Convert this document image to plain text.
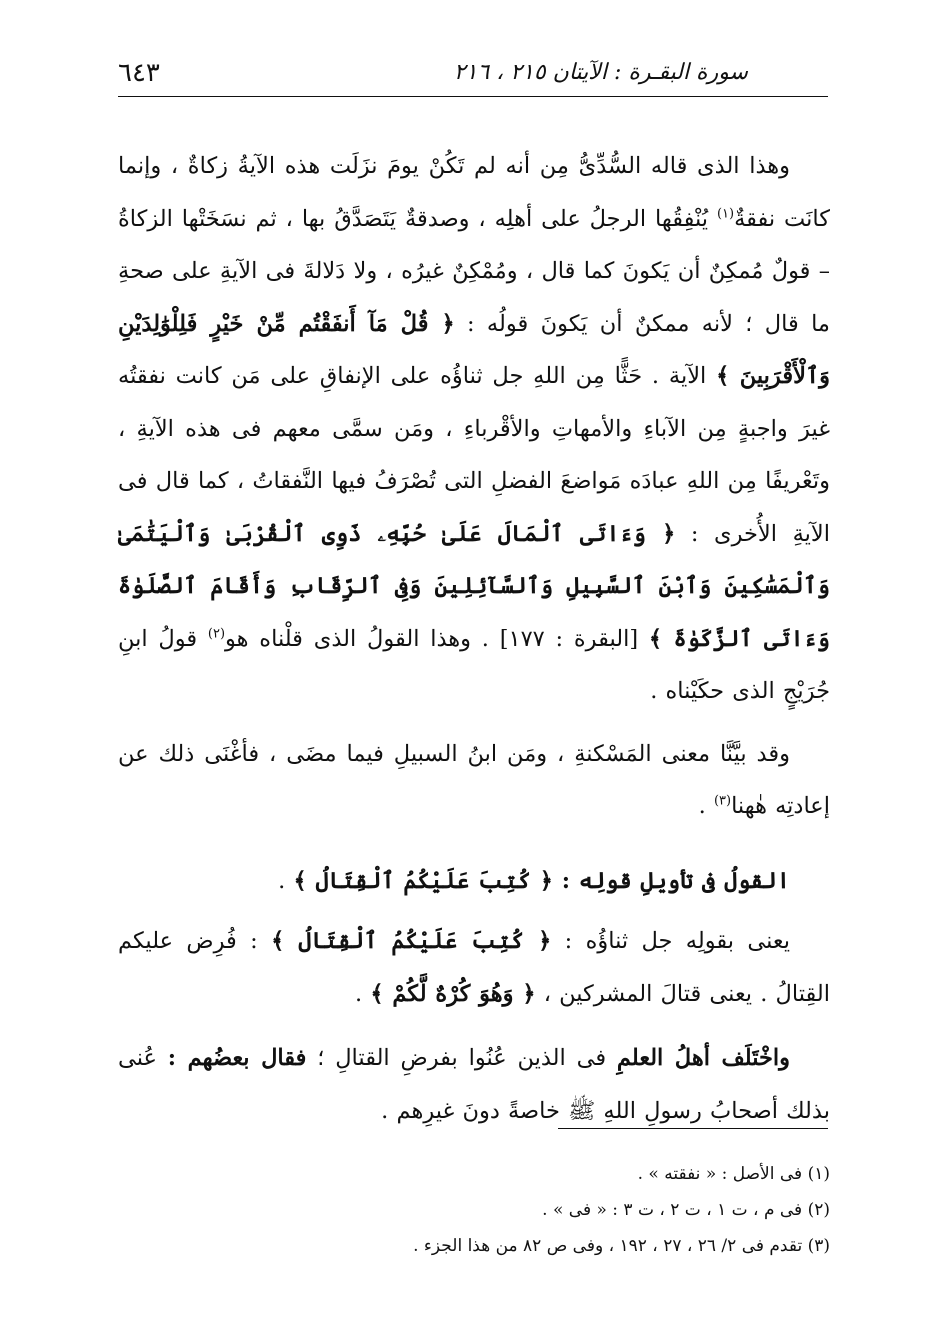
٦٤٣	سورة البقـرة : الآيتان ٢١٥ ، ٢١٦

وهذا الذى قاله السُّدِّىُّ مِن أنه لم تَكُنْ يومَ نزَلَت هذه الآيةُ زكاةٌ ، وإنما كانَت نفقةٌ$^{(١)}$ يُنْفِقُها الرجلُ على أهلِه ، وصدقةٌ يَتَصَدَّقُ بها ، ثم نسَخَتْها الزكاةُ – قولٌ مُمكِنٌ أن يَكونَ كما قال ، ومُمْكِنٌ غيرُه ، ولا دَلالةَ فى الآيةِ على صحةِ ما قال ؛ لأنه ممكنٌ أن يَكونَ قولُه : ﴿ قُلْ مَآ أَنفَقْتُم مِّنْ خَيْرٍ فَلِلْوَٰلِدَيْنِ وَٱلْأَقْرَبِينَ ﴾ الآية . حَثًّا مِن اللهِ جل ثناؤُه على الإنفاقِ على مَن كانت نفقتُه غيرَ واجبةٍ مِن الآباءِ والأمهاتِ والأقْرباءِ ، ومَن سمَّى معهم فى هذه الآيةِ ، وتَعْريفًا مِن اللهِ عبادَه مَواضعَ الفضلِ التى تُصْرَفُ فيها النَّفقاتُ ، كما قال فى الآيةِ الأُخرى : ﴿ وَءَاتَى ٱلْمَالَ عَلَىٰ حُبِّهِۦ ذَوِى ٱلْقُرْبَىٰ وَٱلْيَتَٰمَىٰ وَٱلْمَسَٰكِينَ وَٱبْنَ ٱلسَّبِيلِ وَٱلسَّآئِلِينَ وَفِى ٱلرِّقَابِ وَأَقَامَ ٱلصَّلَوٰةَ وَءَاتَى ٱلزَّكَوٰةَ ﴾ [البقرة : ١٧٧] . وهذا القولُ الذى قلْناه هو$^{(٢)}$ قولُ ابنِ جُرَيْجٍ الذى حكَيْناه .

وقد بيَّنَّا معنى المَسْكنةِ ، ومَن ابنُ السبيلِ فيما مضَى ، فأغْنَى ذلك عن إعادتِه هٰهنا$^{(٣)}$ .

القولُ فى تأويلِ قولِه : ﴿ كُتِبَ عَلَيْكُمُ ٱلْقِتَالُ ﴾ .

يعنى بقولِه جل ثناؤُه : ﴿ كُتِبَ عَلَيْكُمُ ٱلْقِتَالُ ﴾ : فُرِض عليكم القِتالُ . يعنى قتالَ المشركين ، ﴿ وَهُوَ كُرْهٌ لَّكُمْ ﴾ .

واخْتَلَف أهلُ العلمِ فى الذين عُنُوا بفرضِ القتالِ ؛ فقال بعضُهم : عُنى بذلك أصحابُ رسولِ اللهِ ﷺ خاصةً دونَ غيرِهم .

(١) فى الأصل : « نفقته » .

(٢) فى م ، ت ١ ، ت ٢ ، ت ٣ : « فى » .

(٣) تقدم فى ٢/ ٢٦ ، ٢٧ ، ١٩٢ ، وفى ص ٨٢ من هذا الجزء .
